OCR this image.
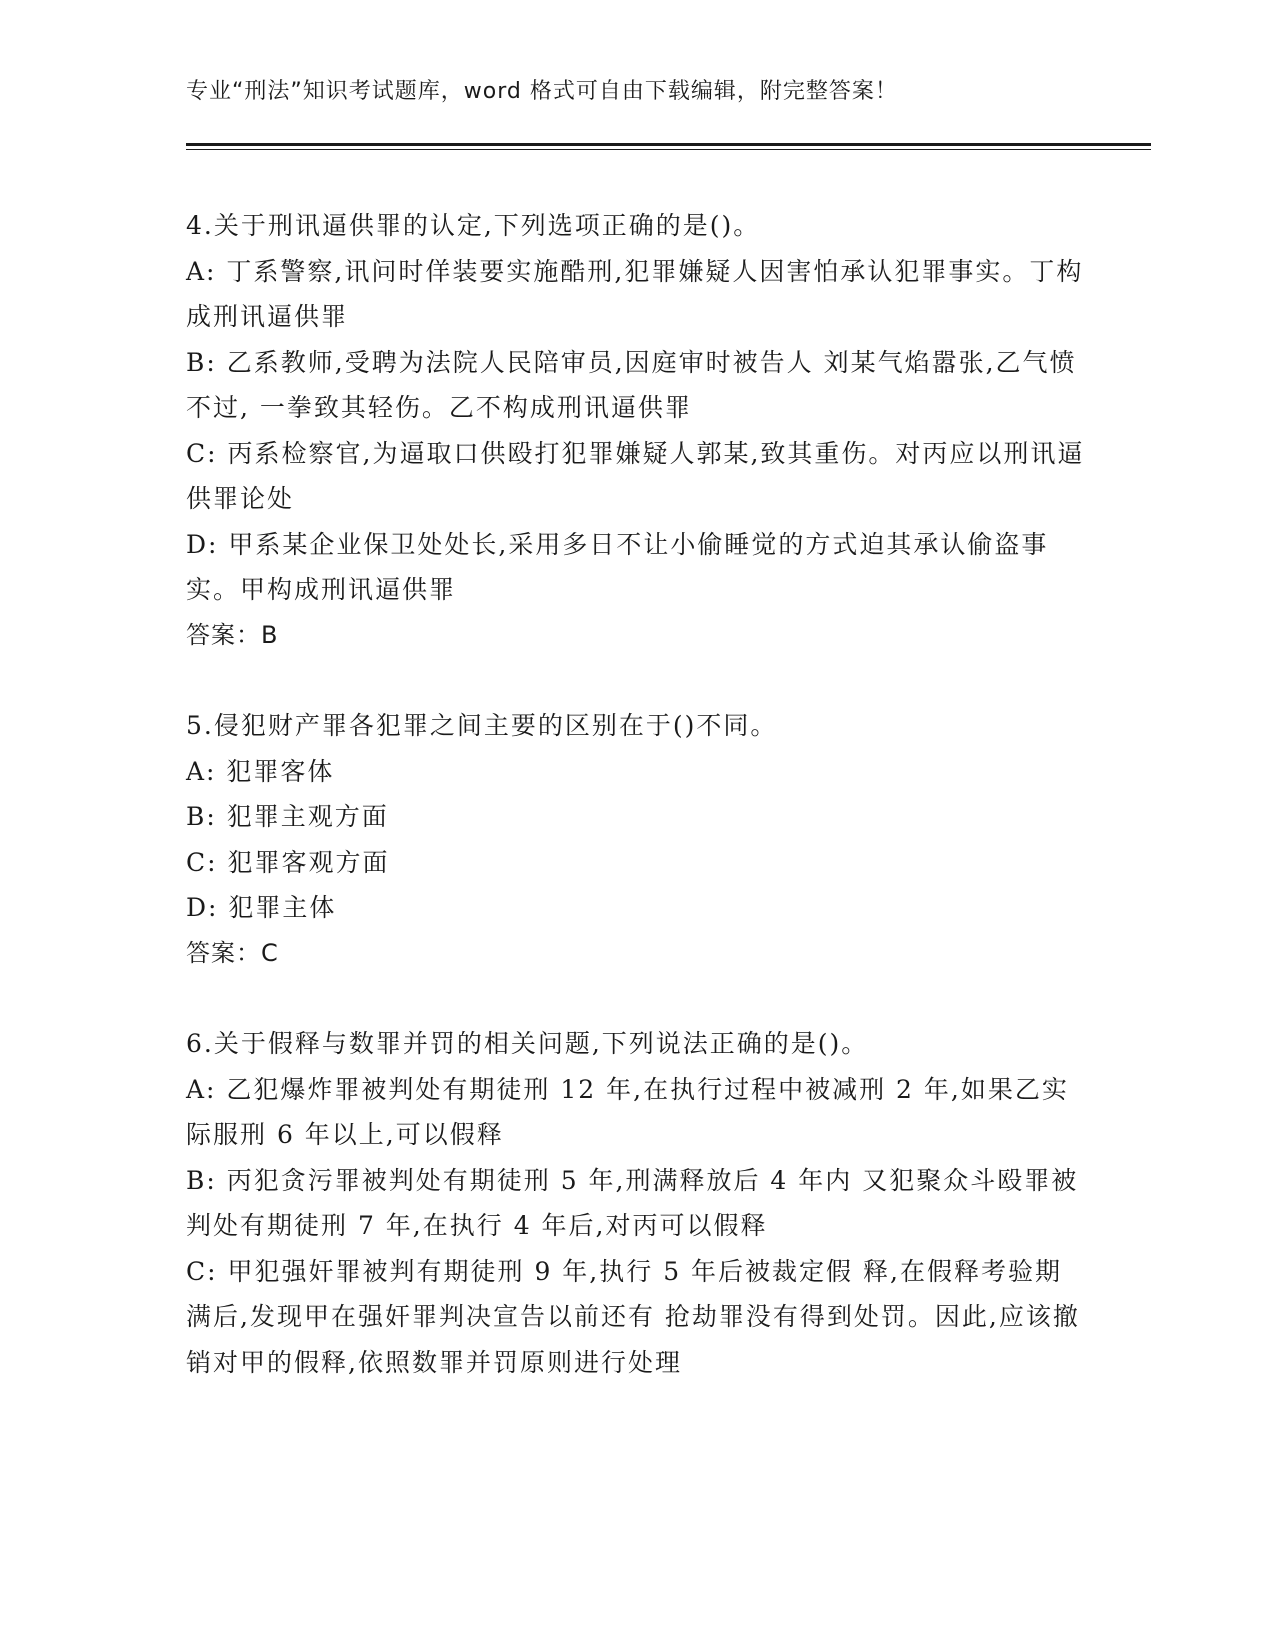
专业“刑法”知识考试题库，word 格式可自由下载编辑，附完整答案！

4.关于刑讯逼供罪的认定,下列选项正确的是()。

A: 丁系警察,讯问时佯装要实施酷刑,犯罪嫌疑人因害怕承认犯罪事实。丁构成刑讯逼供罪

B: 乙系教师,受聘为法院人民陪审员,因庭审时被告人 刘某气焰嚣张,乙气愤不过, 一拳致其轻伤。乙不构成刑讯逼供罪

C: 丙系检察官,为逼取口供殴打犯罪嫌疑人郭某,致其重伤。对丙应以刑讯逼供罪论处

D: 甲系某企业保卫处处长,采用多日不让小偷睡觉的方式迫其承认偷盗事实。甲构成刑讯逼供罪

答案：B

5.侵犯财产罪各犯罪之间主要的区别在于()不同。

A: 犯罪客体

B: 犯罪主观方面

C: 犯罪客观方面

D: 犯罪主体

答案：C

6.关于假释与数罪并罚的相关问题,下列说法正确的是()。

A: 乙犯爆炸罪被判处有期徒刑 12 年,在执行过程中被减刑 2 年,如果乙实际服刑 6 年以上,可以假释

B: 丙犯贪污罪被判处有期徒刑 5 年,刑满释放后 4 年内 又犯聚众斗殴罪被判处有期徒刑 7 年,在执行 4 年后,对丙可以假释

C: 甲犯强奸罪被判有期徒刑 9 年,执行 5 年后被裁定假 释,在假释考验期满后,发现甲在强奸罪判决宣告以前还有 抢劫罪没有得到处罚。因此,应该撤销对甲的假释,依照数罪并罚原则进行处理
